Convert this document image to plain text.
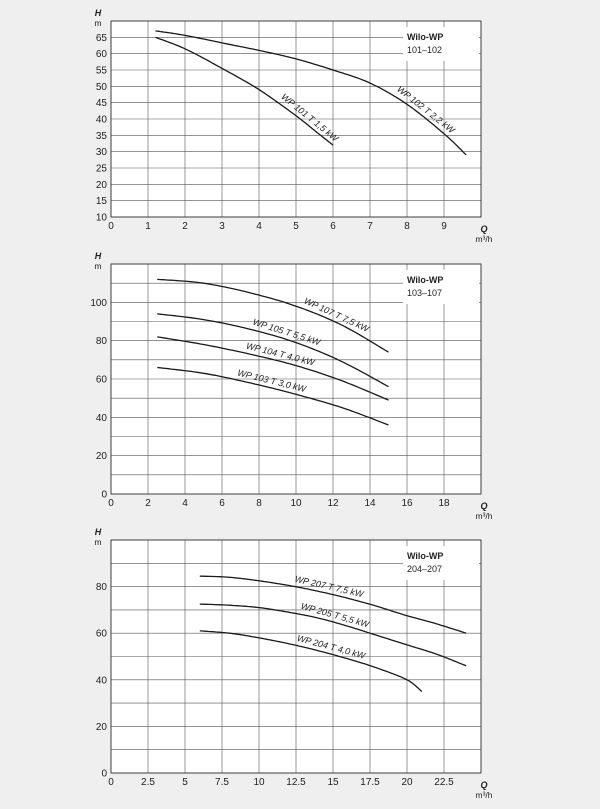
10
15
20
25
30
35
40
45
50
55
60
65
0	1	2	3	4	5	6	7	8	9
H
m
Q
m³/h
Wilo-WP
101–102
WP 101 T 1,5 kW	WP 102 T 2,2 kW
0
20
40
60
80
100
0	2	4	6	8	10	12	14	16	18
H
m
Q
m³/h
Wilo-WP
103–107
WP 107 T 7,5 kW
WP 105 T 5,5 kW
WP 104 T 4,0 kW
WP 103 T 3,0 kW
0
20
40
60
80
0	2.5	5	7.5 10 12.5 15 17.5 20 22.5
H
m
Q
m³/h
Wilo-WP
204–207
WP 207 T 7,5 kW
WP 205 T 5,5 kW
WP 204 T 4,0 kW
